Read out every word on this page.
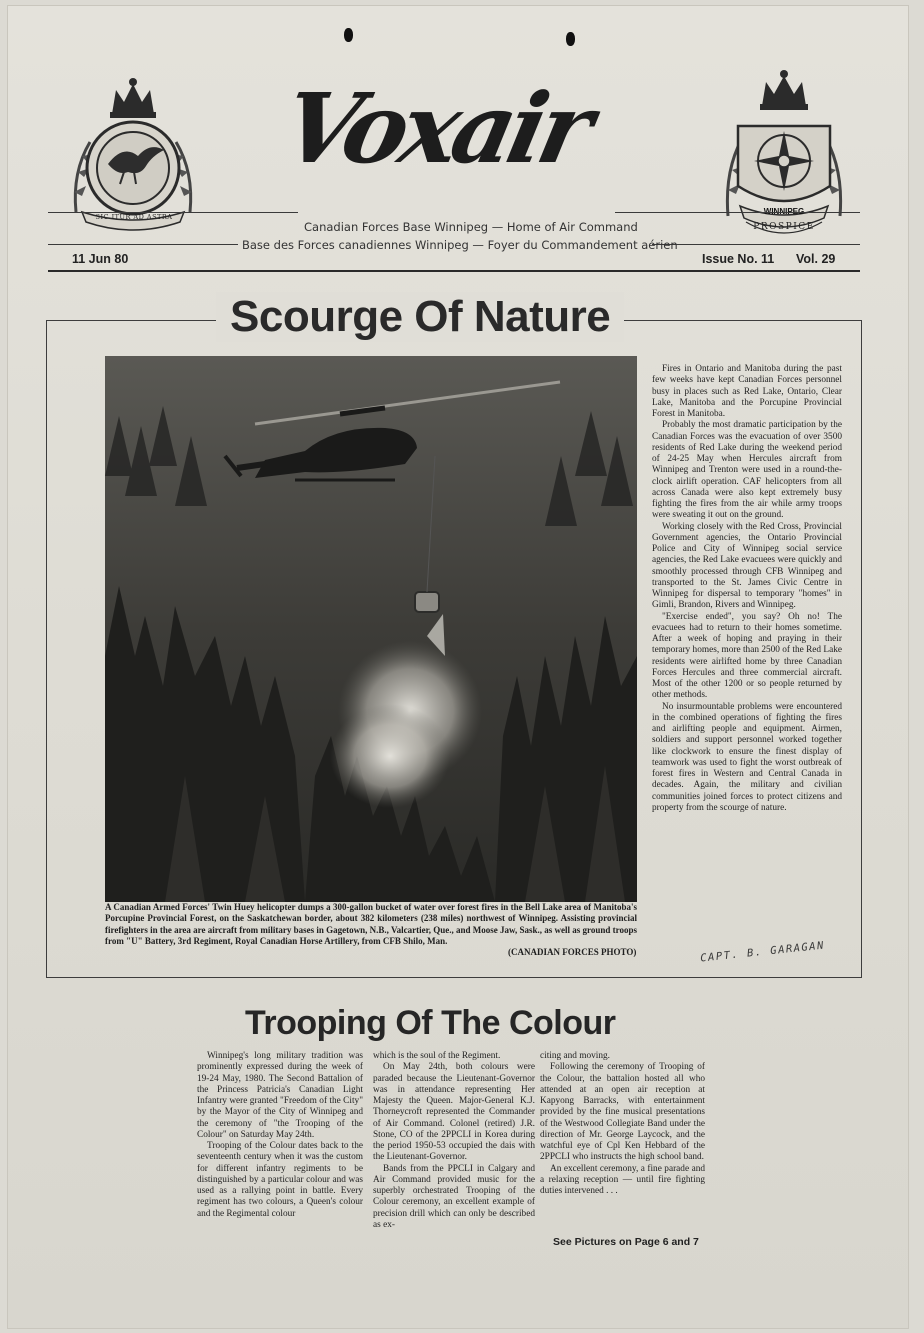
SIC ITUR AD ASTRA
PROSPICE
Voxair
Canadian Forces Base Winnipeg — Home of Air Command
Base des Forces canadiennes Winnipeg — Foyer du Commandement aérien
11 Jun 80	Issue No. 11 Vol. 29
Scourge Of Nature
A Canadian Armed Forces' Twin Huey helicopter dumps a 300-gallon bucket of water over forest fires in the Bell Lake area of Manitoba's Porcupine Provincial Forest, on the Saskatchewan border, about 382 kilometers (238 miles) northwest of Winnipeg. Assisting provincial firefighters in the area are aircraft from military bases in Gagetown, N.B., Valcartier, Que., and Moose Jaw, Sask., as well as ground troops from "U" Battery, 3rd Regiment, Royal Canadian Horse Artillery, from CFB Shilo, Man.
(CANADIAN FORCES PHOTO)

Fires in Ontario and Manitoba during the past few weeks have kept Canadian Forces personnel busy in places such as Red Lake, Ontario, Clear Lake, Manitoba and the Porcupine Provincial Forest in Manitoba.

Probably the most dramatic participation by the Canadian Forces was the evacuation of over 3500 residents of Red Lake during the weekend period of 24-25 May when Hercules aircraft from Winnipeg and Trenton were used in a round-the-clock airlift operation. CAF helicopters from all across Canada were also kept extremely busy fighting the fires from the air while army troops were sweating it out on the ground.

Working closely with the Red Cross, Provincial Government agencies, the Ontario Provincial Police and City of Winnipeg social service agencies, the Red Lake evacuees were quickly and smoothly processed through CFB Winnipeg and transported to the St. James Civic Centre in Winnipeg for dispersal to temporary "homes" in Gimli, Brandon, Rivers and Winnipeg.

"Exercise ended", you say? Oh no! The evacuees had to return to their homes sometime. After a week of hoping and praying in their temporary homes, more than 2500 of the Red Lake residents were airlifted home by three Canadian Forces Hercules and three commercial aircraft. Most of the other 1200 or so people returned by other methods.

No insurmountable problems were encountered in the combined operations of fighting the fires and airlifting people and equipment. Airmen, soldiers and support personnel worked together like clockwork to ensure the finest display of teamwork was used to fight the worst outbreak of forest fires in Western and Central Canada in decades. Again, the military and civilian communities joined forces to protect citizens and property from the scourge of nature.

CAPT. B. GARAGAN
Trooping Of The Colour

Winnipeg's long military tradition was prominently expressed during the week of 19-24 May, 1980. The Second Battalion of the Princess Patricia's Canadian Light Infantry were granted "Freedom of the City" by the Mayor of the City of Winnipeg and the ceremony of "the Trooping of the Colour" on Saturday May 24th.

Trooping of the Colour dates back to the seventeenth century when it was the custom for different infantry regiments to be distinguished by a particular colour and was used as a rallying point in battle. Every regiment has two colours, a Queen's colour and the Regimental colour

which is the soul of the Regiment.

On May 24th, both colours were paraded because the Lieutenant-Governor was in attendance representing Her Majesty the Queen. Major-General K.J. Thorneycroft represented the Commander of Air Command. Colonel (retired) J.R. Stone, CO of the 2PPCLI in Korea during the period 1950-53 occupied the dais with the Lieutenant-Governor.

Bands from the PPCLI in Calgary and Air Command provided music for the superbly orchestrated Trooping of the Colour ceremony, an excellent example of precision drill which can only be described as ex-

citing and moving.

Following the ceremony of Trooping of the Colour, the battalion hosted all who attended at an open air reception at Kapyong Barracks, with entertainment provided by the fine musical presentations of the Westwood Collegiate Band under the direction of Mr. George Laycock, and the watchful eye of Cpl Ken Hebbard of the 2PPCLI who instructs the high school band.

An excellent ceremony, a fine parade and a relaxing reception — until fire fighting duties intervened . . .

See Pictures on Page 6 and 7
